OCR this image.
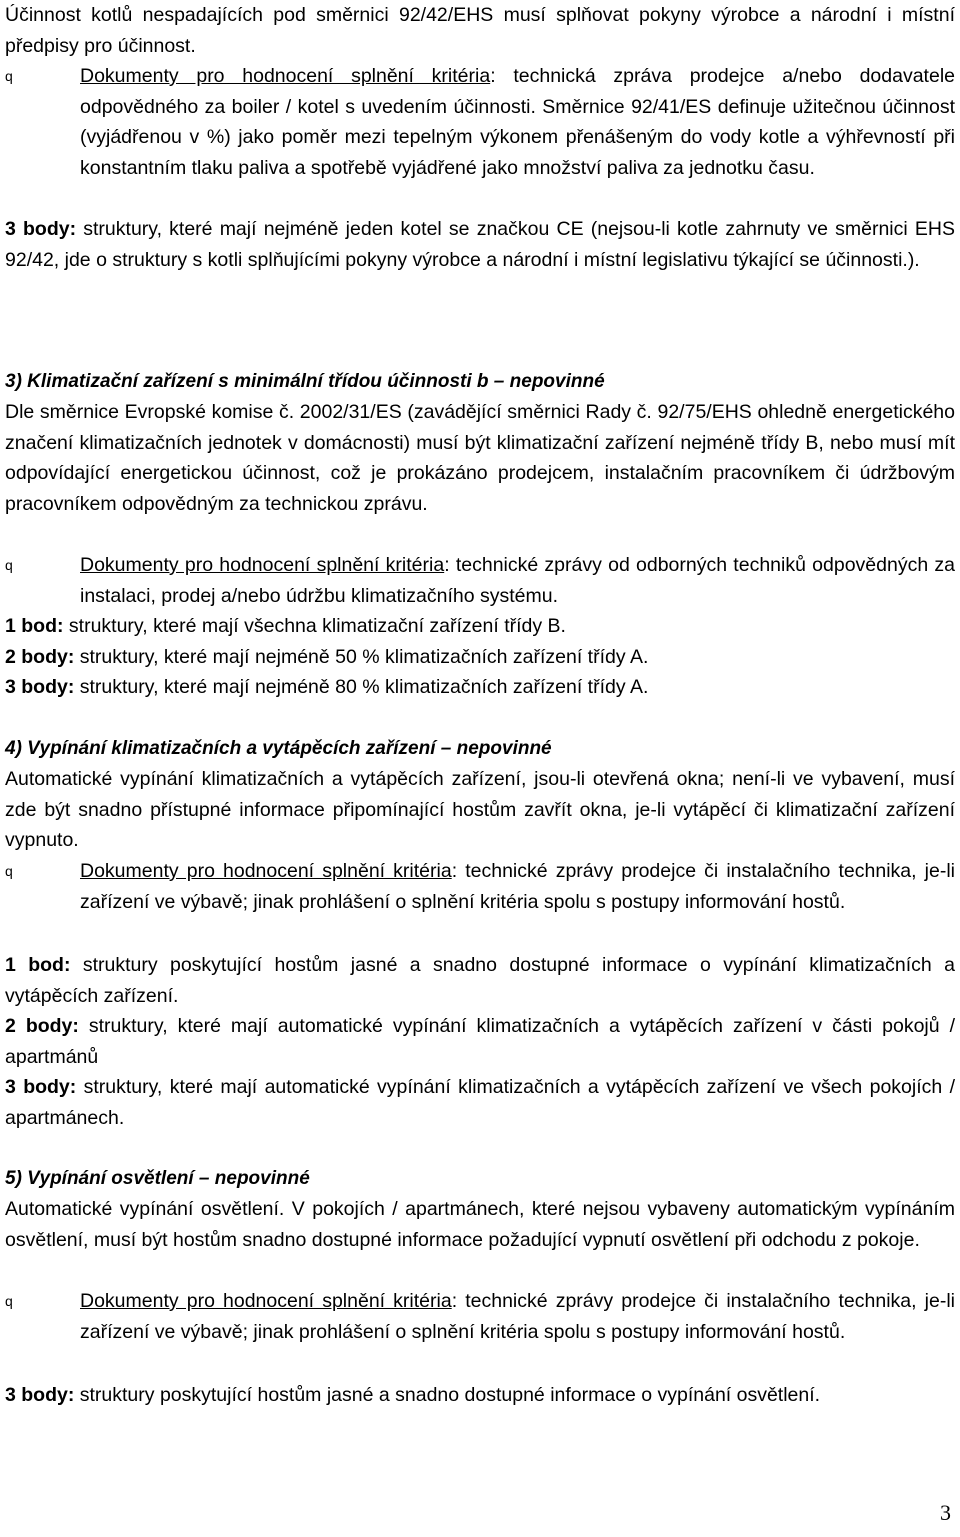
Účinnost kotlů nespadajících pod směrnici 92/42/EHS musí splňovat pokyny výrobce a národní i místní předpisy pro účinnost.
q	Dokumenty pro hodnocení splnění kritéria: technická zpráva prodejce a/nebo dodavatele odpovědného za boiler / kotel s uvedením účinnosti. Směrnice 92/41/ES definuje užitečnou účinnost (vyjádřenou v %) jako poměr mezi tepelným výkonem přenášeným do vody kotle a výhřevností při konstantním tlaku paliva a spotřebě vyjádřené jako množství paliva za jednotku času.
3 body: struktury, které mají nejméně jeden kotel se značkou CE (nejsou-li kotle zahrnuty ve směrnici EHS 92/42, jde o struktury s kotli splňujícími pokyny výrobce a národní i místní legislativu týkající se účinnosti.).
3) Klimatizační zařízení s minimální třídou účinnosti b – nepovinné
Dle směrnice Evropské komise č. 2002/31/ES (zavádějící směrnici Rady č. 92/75/EHS ohledně energetického značení klimatizačních jednotek v domácnosti) musí být klimatizační zařízení nejméně třídy B, nebo musí mít odpovídající energetickou účinnost, což je prokázáno prodejcem, instalačním pracovníkem či údržbovým pracovníkem odpovědným za technickou zprávu.
q	Dokumenty pro hodnocení splnění kritéria: technické zprávy od odborných techniků odpovědných za instalaci, prodej a/nebo údržbu klimatizačního systému.
1 bod: struktury, které mají všechna klimatizační zařízení třídy B.
2 body: struktury, které mají nejméně 50 % klimatizačních zařízení třídy A.
3 body: struktury, které mají nejméně 80 % klimatizačních zařízení třídy A.
4) Vypínání klimatizačních a vytápěcích zařízení – nepovinné
Automatické vypínání klimatizačních a vytápěcích zařízení, jsou-li otevřená okna; není-li ve vybavení, musí zde být snadno přístupné informace připomínající hostům zavřít okna, je-li vytápěcí či klimatizační zařízení vypnuto.
q	Dokumenty pro hodnocení splnění kritéria: technické zprávy prodejce či instalačního technika, je-li zařízení ve výbavě; jinak prohlášení o splnění kritéria spolu s postupy informování hostů.
1 bod: struktury poskytující hostům jasné a snadno dostupné informace o vypínání klimatizačních a vytápěcích zařízení.
2 body: struktury, které mají automatické vypínání klimatizačních a vytápěcích zařízení v části pokojů / apartmánů
3 body: struktury, které mají automatické vypínání klimatizačních a vytápěcích zařízení ve všech pokojích / apartmánech.
5) Vypínání osvětlení – nepovinné
Automatické vypínání osvětlení. V pokojích / apartmánech, které nejsou vybaveny automatickým vypínáním osvětlení, musí být hostům snadno dostupné informace požadující vypnutí osvětlení při odchodu z pokoje.
q	Dokumenty pro hodnocení splnění kritéria: technické zprávy prodejce či instalačního technika, je-li zařízení ve výbavě; jinak prohlášení o splnění kritéria spolu s postupy informování hostů.
3 body: struktury poskytující hostům jasné a snadno dostupné informace o vypínání osvětlení.
3
